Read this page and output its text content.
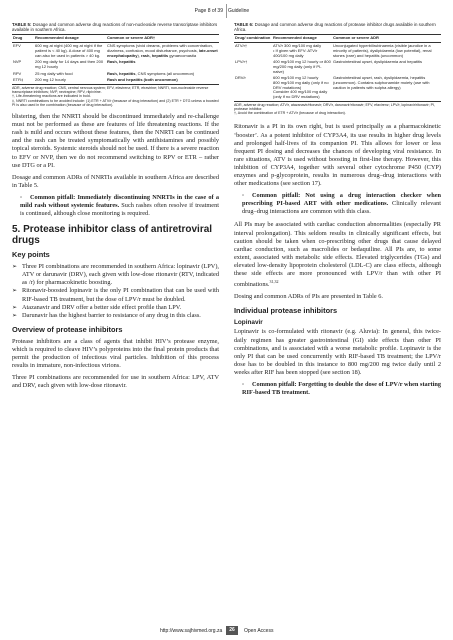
Page 8 of 39 Guideline
TABLE 5: Dosage and common adverse drug reactions of non-nucleoside reverse transcriptase inhibitors available in southern Africa.
Drug	Recommended dosage	Common or severe ADR†
EFV	600 mg at night (400 mg at night if the patient is < 40 kg). A dose of 400 mg can also be used in patients > 40 kg.	CNS symptoms (vivid dreams, problems with concentration, dizziness, confusion, mood disturbance, psychosis, late-onset encephalopathy), rash, hepatitis gynaecomastia
NVP	200 mg daily for 14 days and then 200 mg 12 hourly	Rash, hepatitis
RPV	25 mg daily with food	Rash, hepatitis, CNS symptoms (all uncommon)
ETR‡	200 mg 12 hourly	Rash and hepatitis (both uncommon)
ADR, adverse drug reaction; CNS, central nervous system; EFV, efavirenz; ETR, etravirine; NNRTI, non-nucleoside reverse transcriptase inhibitors; NVP, nevirapine; RPV, rilpivirine.
†, Life-threatening reactions are indicated in bold.
‡, NNRTI combinations to be avoided include: (1) ETR + ATV/r (because of drug interaction) and (2) ETR + DTG unless a boosted PI is also used in the combination (because of drug interaction).

blistering, then the NNRTI should be discontinued immediately and re-challenge must not be performed as these are features of life threatening reactions. If the rash is mild and occurs without these features, then the NNRTI can be continued and the rash can be treated symptomatically with antihistamines and possibly topical steroids. Systemic steroids should not be used. If there is a severe reaction to EFV or NVP, then we do not recommend switching to RPV or ETR – rather use DTG or a PI.

Dosage and common ADRs of NNRTIs available in southern Africa are described in Table 5.

◦ Common pitfall: Immediately discontinuing NNRTIs in the case of a mild rash without systemic features. Such rashes often resolve if treatment is continued, although close monitoring is required.
5. Protease inhibitor class of antiretroviral drugs
Key points
➢ Three PI combinations are recommended in southern Africa: lopinavir (LPV), ATV or darunavir (DRV), each given with low-dose ritonavir (RTV, indicated as /r) for pharmacokinetic boosting.
➢ Ritonavir-boosted lopinavir is the only PI combination that can be used with RIF-based TB treatment, but the dose of LPV/r must be doubled.
➢ Atazanavir and DRV offer a better side effect profile than LPV.
➢ Darunavir has the highest barrier to resistance of any drug in this class.
Overview of protease inhibitors

Protease inhibitors are a class of agents that inhibit HIV’s protease enzyme, which is required to cleave HIV’s polyproteins into the final protein products that permit the production of infectious viral particles. Inhibition of this process results in immature, non-infectious virions.

Three PI combinations are recommended for use in southern Africa: LPV, ATV and DRV, each given with low-dose ritonavir.

TABLE 6: Dosage and common adverse drug reactions of protease inhibitor drugs available in southern Africa.
Drug/ combination	Recommended dosage	Common or severe ADR
ATV/r†	ATV/r 300 mg/100 mg daily
• If given with EFV: ATV/r 400/100 mg daily	Unconjugated hyperbilirubinaemia (visible jaundice in a minority of patients), dyslipidaemia (low potential), renal stones (rare) and hepatitis (uncommon)
LPV/r†	400 mg/100 mg 12 hourly or 800 mg/200 mg daily (only if PI-naive)	Gastrointestinal upset, dyslipidaemia and hepatitis
DRV/r	600 mg/100 mg 12 hourly
800 mg/100 mg daily (only if no DRV mutations)
Consider 400 mg/100 mg daily (only if no DRV mutations)	Gastrointestinal upset, rash, dyslipidaemia, hepatitis (uncommon). Contains sulphonamide moiety (use with caution in patients with sulpha allergy)
ADR, adverse drug reaction; ATV/r, atazanavir/ritonavir; DRV/r, darunavir/ritonavir; EFV, efavirenz; LPV/r, lopinavir/ritonavir; PI, protease inhibitor.
†, Avoid the combination of ETR + ATV/r (because of drug interaction).

Ritonavir is a PI in its own right, but is used principally as a pharmacokinetic ‘booster’. As a potent inhibitor of CYP3A4, its use results in higher drug levels and prolonged half-lives of its companion PI. This allows for lower or less frequent PI dosing and decreases the chances of developing viral resistance. In rare situations, ATV is used without boosting in first-line therapy. However, this inhibition of CYP3A4, together with several other cytochrome P450 (CYP) enzymes and p-glycoprotein, results in numerous drug–drug interactions with other medications (see section 17).

◦ Common pitfall: Not using a drug interaction checker when prescribing PI-based ART with other medications. Clinically relevant drug–drug interactions are common with this class.

All PIs may be associated with cardiac conduction abnormalities (especially PR interval prolongation). This seldom results in clinically significant effects, but caution should be taken when co-prescribing other drugs that cause delayed cardiac conduction, such as macrolides or bedaquiline. All PIs are, to some extent, associated with metabolic side effects. Elevated triglycerides (TGs) and elevated low-density lipoprotein cholesterol (LDL-C) are class effects, although these side effects are more pronounced with LPV/r than with other PI combinations.$^{31,32}$

Dosing and common ADRs of PIs are presented in Table 6.

Individual protease inhibitors
Lopinavir

Lopinavir is co-formulated with ritonavir (e.g. Aluvia): In general, this twice-daily regimen has greater gastrointestinal (GI) side effects than other PI combinations, and is associated with a worse metabolic profile. Lopinavir is the only PI that can be used concurrently with RIF-based TB treatment; the LPV/r dose has to be doubled in this instance to 800 mg/200 mg twice daily until 2 weeks after RIF has been stopped (see section 18).

◦ Common pitfall: Forgetting to double the dose of LPV/r when starting RIF-based TB treatment.
http://www.sajhivmed.org.za	26	Open Access
